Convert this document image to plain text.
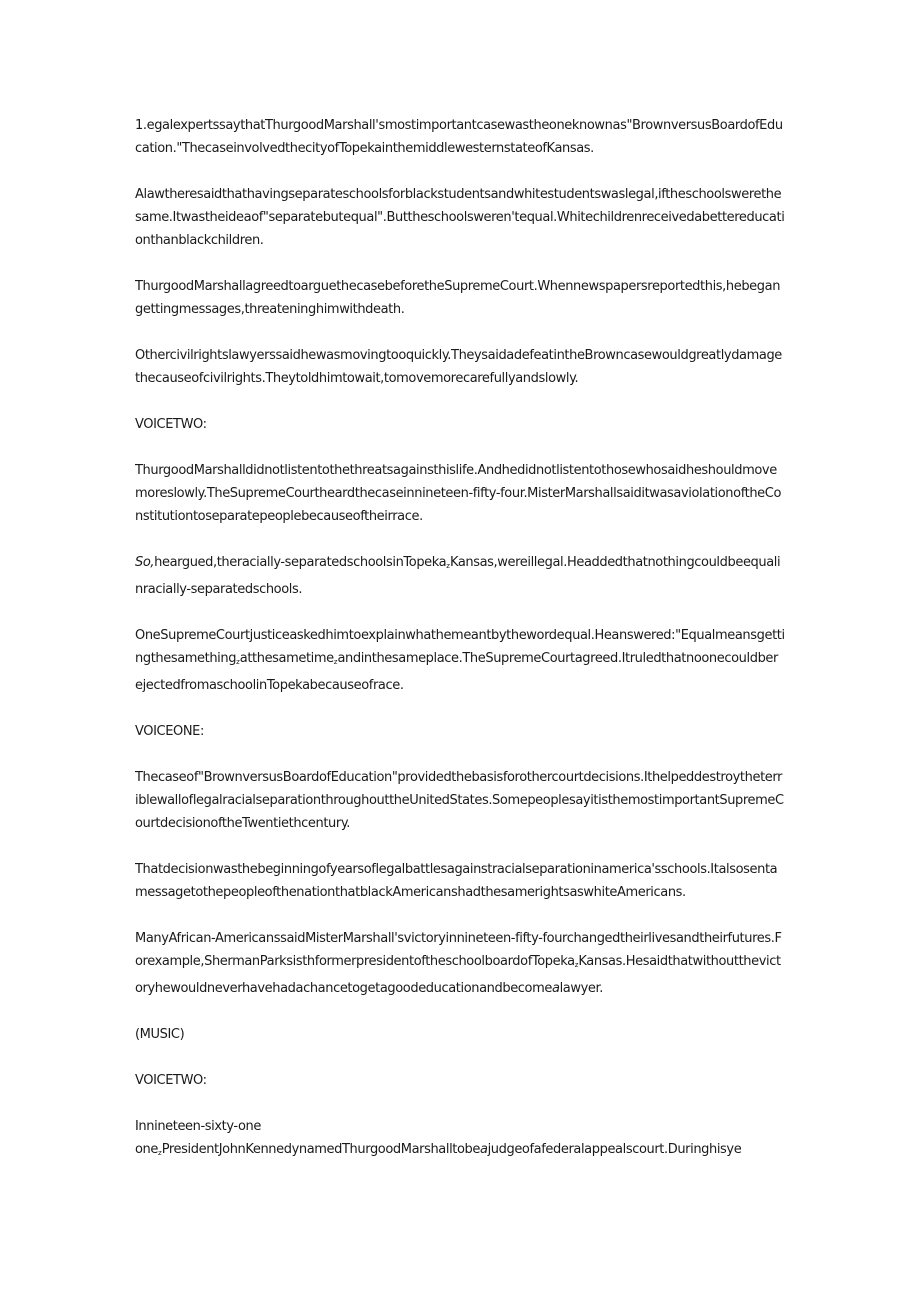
1.egalexpertssaythatThurgoodMarshall'smostimportantcasewastheoneknownas"BrownversusBoardofEducation."ThecaseinvolvedthecityofTopekainthemiddlewesternstateofKansas.

Alawtheresaidthathavingseparateschoolsforblackstudentsandwhitestudentswaslegal,iftheschoolswerethesame.Itwastheideaof"separatebutequal".Buttheschoolsweren'tequal.Whitechildrenreceivedabettereducationthanblackchildren.

ThurgoodMarshallagreedtoarguethecasebeforetheSupremeCourt.Whennewspapersreportedthis,hebegangettingmessages,threateninghimwithdeath.

Othercivilrightslawyerssaidhewasmovingtooquickly.TheysaidadefeatintheBrowncasewouldgreatlydamagethecauseofcivilrights.Theytoldhimtowait,tomovemorecarefullyandslowly.

VOICETWO:

ThurgoodMarshalldidnotlistentothethreatsagainsthislife.Andhedidnotlistentothosewhosaidheshouldmovemoreslowly.TheSupremeCourtheardthecaseinnineteen-fifty-four.MisterMarshallsaiditwasaviolationoftheConstitutiontoseparatepeoplebecauseoftheirrace.

So,heargued,theracially-separatedschoolsinTopeka$_z$Kansas,wereillegal.Headdedthatnothingcouldbeequalinracially-separatedschools.

OneSupremeCourtjusticeaskedhimtoexplainwhathemeantbythewordequal.Heanswered:"Equalmeansgettingthesamething$_z$atthesametime$_z$andinthesameplace.TheSupremeCourtagreed.ItruledthatnoonecouldberejectedfromaschoolinTopekabecauseofrace.

VOICEONE:

Thecaseof"BrownversusBoardofEducation"providedthebasisforothercourtdecisions.IthelpeddestroytheterriblewalloflegalracialseparationthroughouttheUnitedStates.SomepeoplesayitisthemostimportantSupremeCourtdecisionoftheTwentiethcentury.

Thatdecisionwasthebeginningofyearsoflegalbattlesagainstracialseparationinamerica'sschools.ItalsosentamessagetothepeopleofthenationthatblackAmericanshadthesamerightsaswhiteAmericans.

ManyAfrican-AmericanssaidMisterMarshall'svictoryinnineteen-fifty-fourchangedtheirlivesandtheirfutures.Forexample,ShermanParksisthformerpresidentoftheschoolboardofTopeka$_z$Kansas.Hesaidthatwithoutthevictoryhewouldneverhavehadachancetogetagoodeducationandbecomealawyer.

(MUSIC)

VOICETWO:

Innineteen-sixty-one
one$_z$PresidentJohnKennedynamedThurgoodMarshalltobeajudgeofafederalappealscourt.Duringhisye
